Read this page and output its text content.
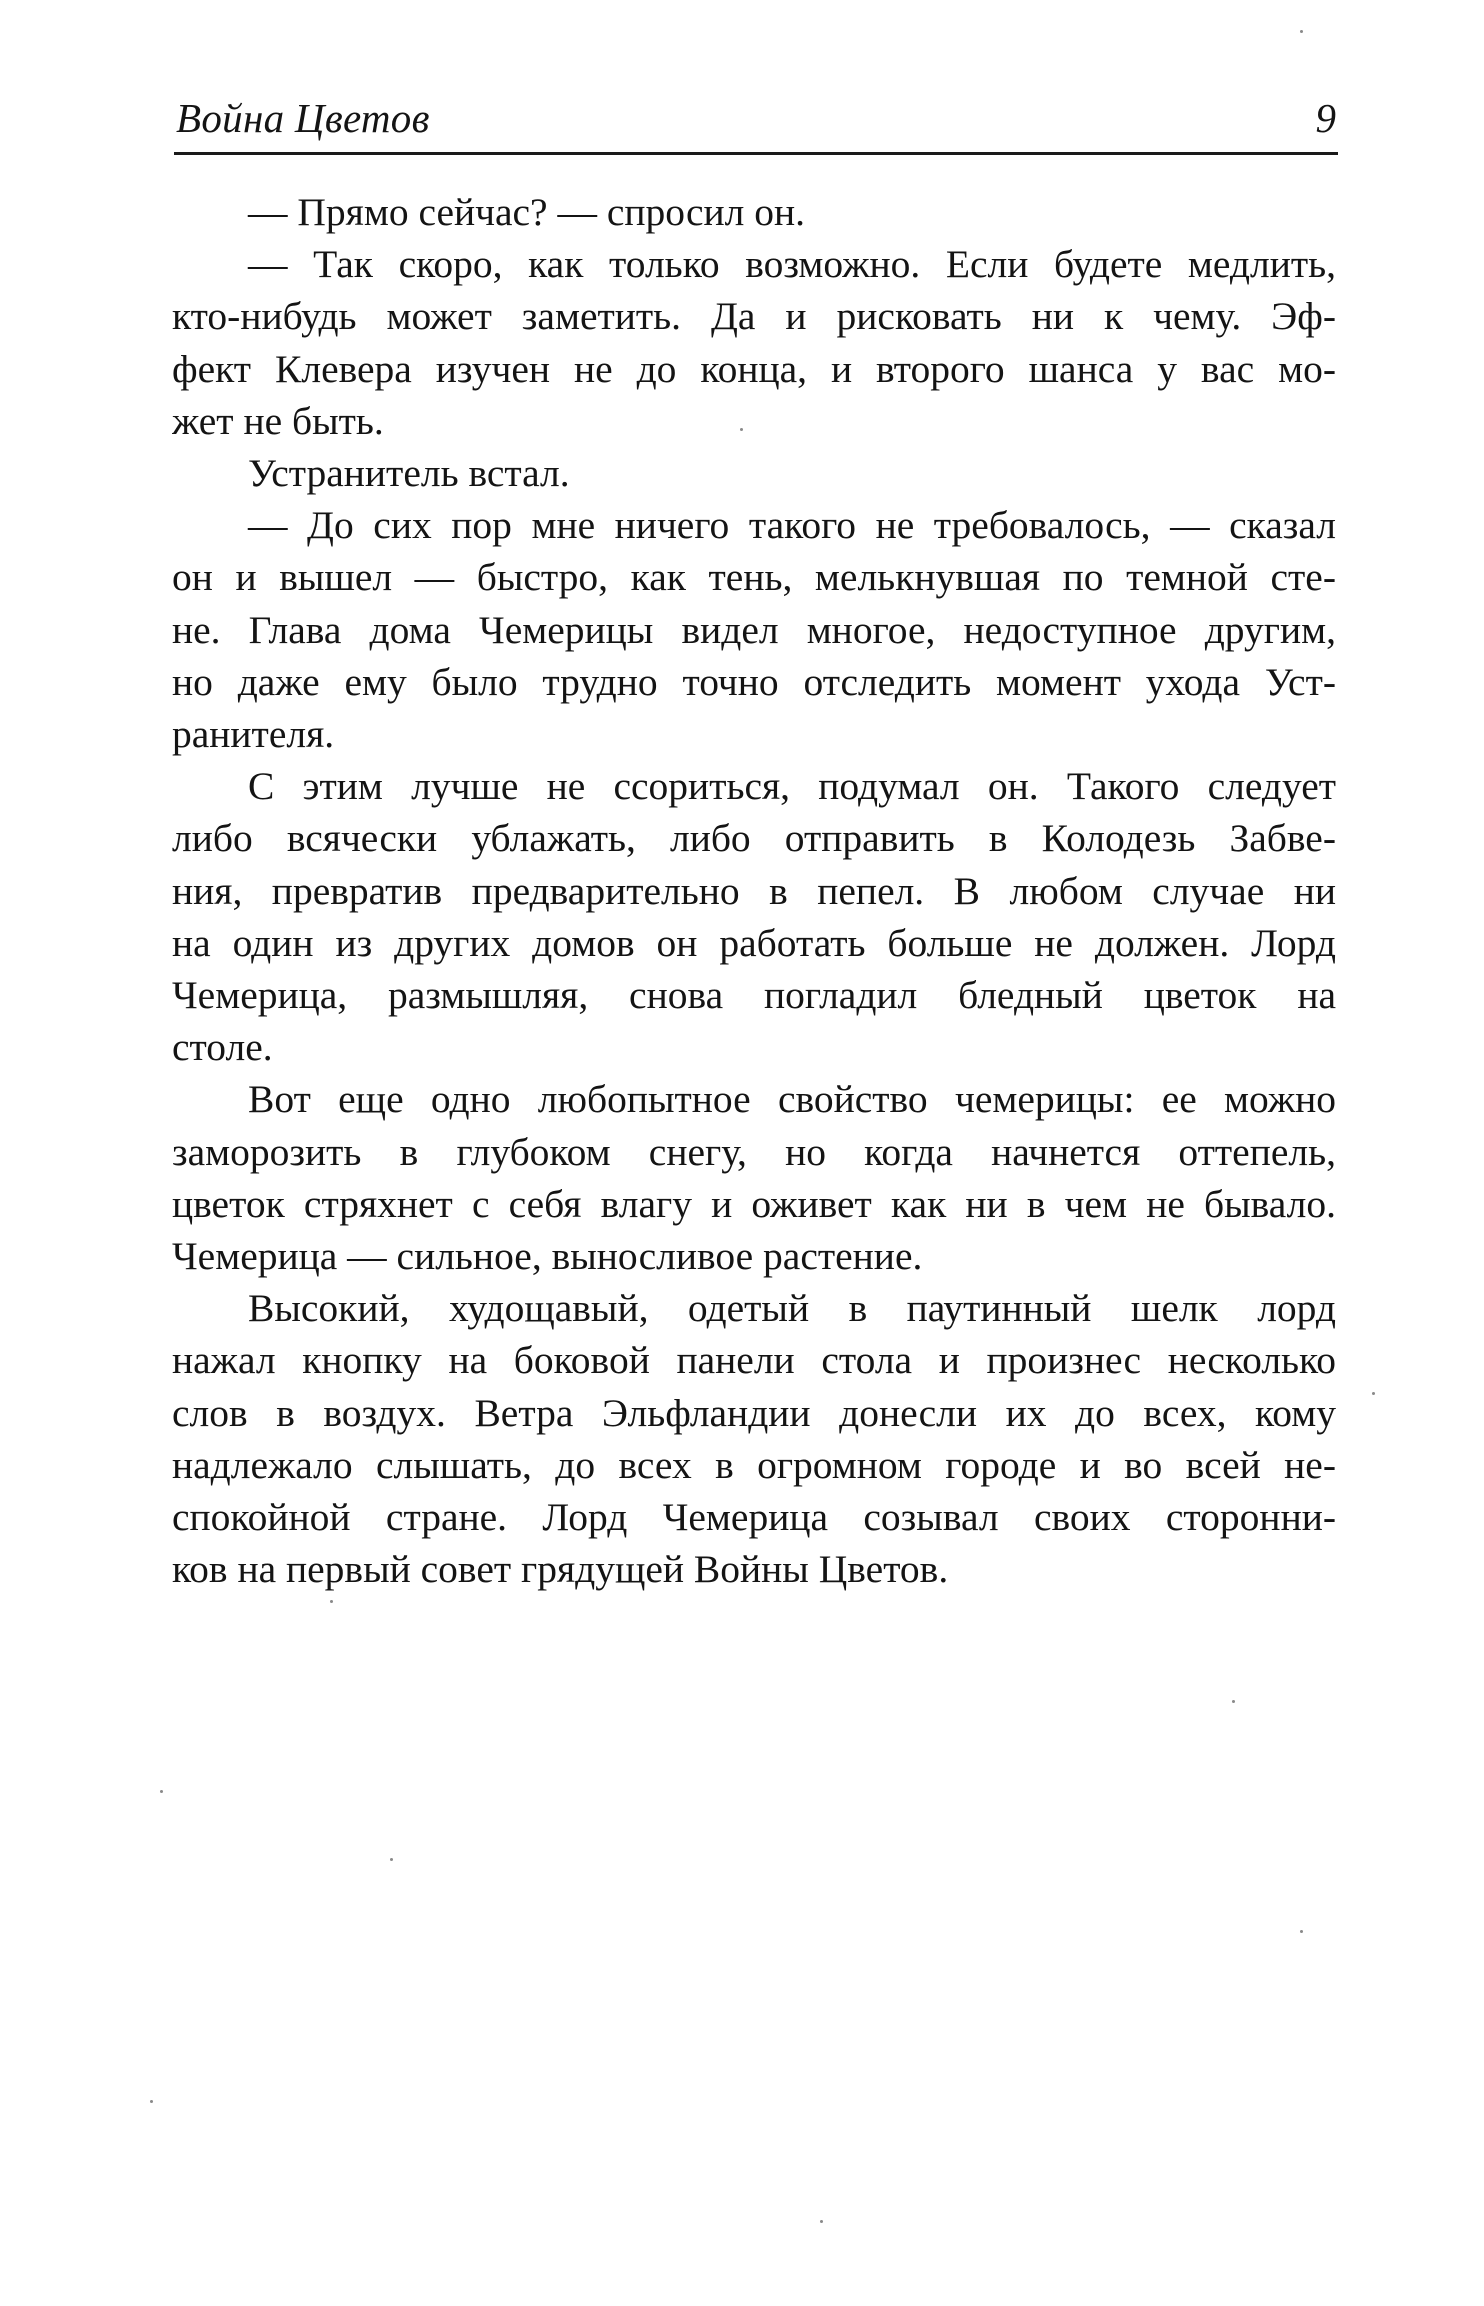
Война Цветов	9
— Прямо сейчас? — спросил он.
— Так скоро, как только возможно. Если будете медлить,
кто-нибудь может заметить. Да и рисковать ни к чему. Эф-
фект Клевера изучен не до конца, и второго шанса у вас мо-
жет не быть.
Устранитель встал.
— До сих пор мне ничего такого не требовалось, — сказал
он и вышел — быстро, как тень, мелькнувшая по темной сте-
не. Глава дома Чемерицы видел многое, недоступное другим,
но даже ему было трудно точно отследить момент ухода Уст-
ранителя.
С этим лучше не ссориться, подумал он. Такого следует
либо всячески ублажать, либо отправить в Колодезь Забве-
ния, превратив предварительно в пепел. В любом случае ни
на один из других домов он работать больше не должен. Лорд
Чемерица, размышляя, снова погладил бледный цветок на
столе.
Вот еще одно любопытное свойство чемерицы: ее можно
заморозить в глубоком снегу, но когда начнется оттепель,
цветок стряхнет с себя влагу и оживет как ни в чем не бывало.
Чемерица — сильное, выносливое растение.
Высокий, худощавый, одетый в паутинный шелк лорд
нажал кнопку на боковой панели стола и произнес несколько
слов в воздух. Ветра Эльфландии донесли их до всех, кому
надлежало слышать, до всех в огромном городе и во всей не-
спокойной стране. Лорд Чемерица созывал своих сторонни-
ков на первый совет грядущей Войны Цветов.
